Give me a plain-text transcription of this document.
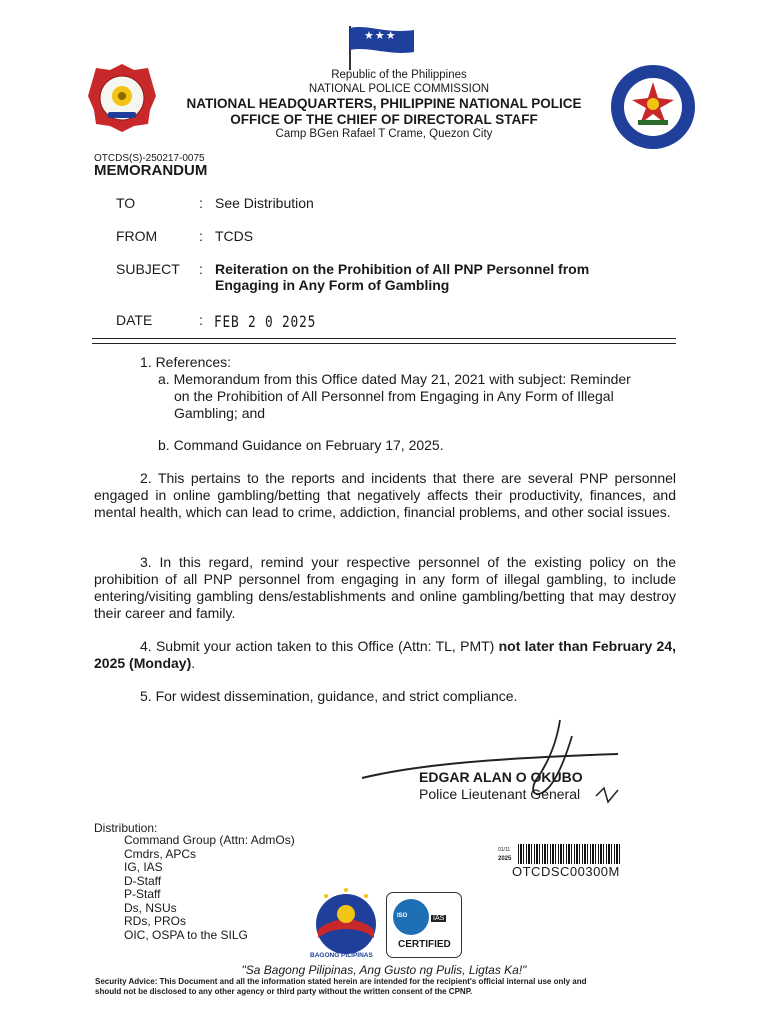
★★★
Republic of the Philippines
NATIONAL POLICE COMMISSION
NATIONAL HEADQUARTERS, PHILIPPINE NATIONAL POLICE
OFFICE OF THE CHIEF OF DIRECTORAL STAFF
Camp BGen Rafael T Crame, Quezon City
OTCDS(S)-250217-0075
MEMORANDUM
TO	: See Distribution
FROM	: TCDS
SUBJECT : Reiteration on the Prohibition of All PNP Personnel from
Engaging in Any Form of Gambling
DATE	: FEB 2 0 2025
1. References:
a. Memorandum from this Office dated May 21, 2021 with subject: Reminder
on the Prohibition of All Personnel from Engaging in Any Form of Illegal
Gambling; and
b. Command Guidance on February 17, 2025.
2. This pertains to the reports and incidents that there are several PNP personnel engaged in online gambling/betting that negatively affects their productivity, finances, and mental health, which can lead to crime, addiction, financial problems, and other social issues.
3. In this regard, remind your respective personnel of the existing policy on the prohibition of all PNP personnel from engaging in any form of illegal gambling, to include entering/visiting gambling dens/establishments and online gambling/betting that may destroy their career and family.
4. Submit your action taken to this Office (Attn: TL, PMT) not later than February 24, 2025 (Monday).
5. For widest dissemination, guidance, and strict compliance.
EDGAR ALAN O OKUBO
Police Lieutenant General
Distribution:
Command Group (Attn: AdmOs)
Cmdrs, APCs
IG, IAS
D-Staff
P-Staff
Ds, NSUs
RDs, PROs
OIC, OSPA to the SILG
01/11
2025
OTCDSC00300M
BAGONG PILIPINAS
ISO	IAS
CERTIFIED
"Sa Bagong Pilipinas, Ang Gusto ng Pulis, Ligtas Ka!"
Security Advice: This Document and all the information stated herein are intended for the recipient's official internal use only and
should not be disclosed to any other agency or third party without the written consent of the CPNP.
